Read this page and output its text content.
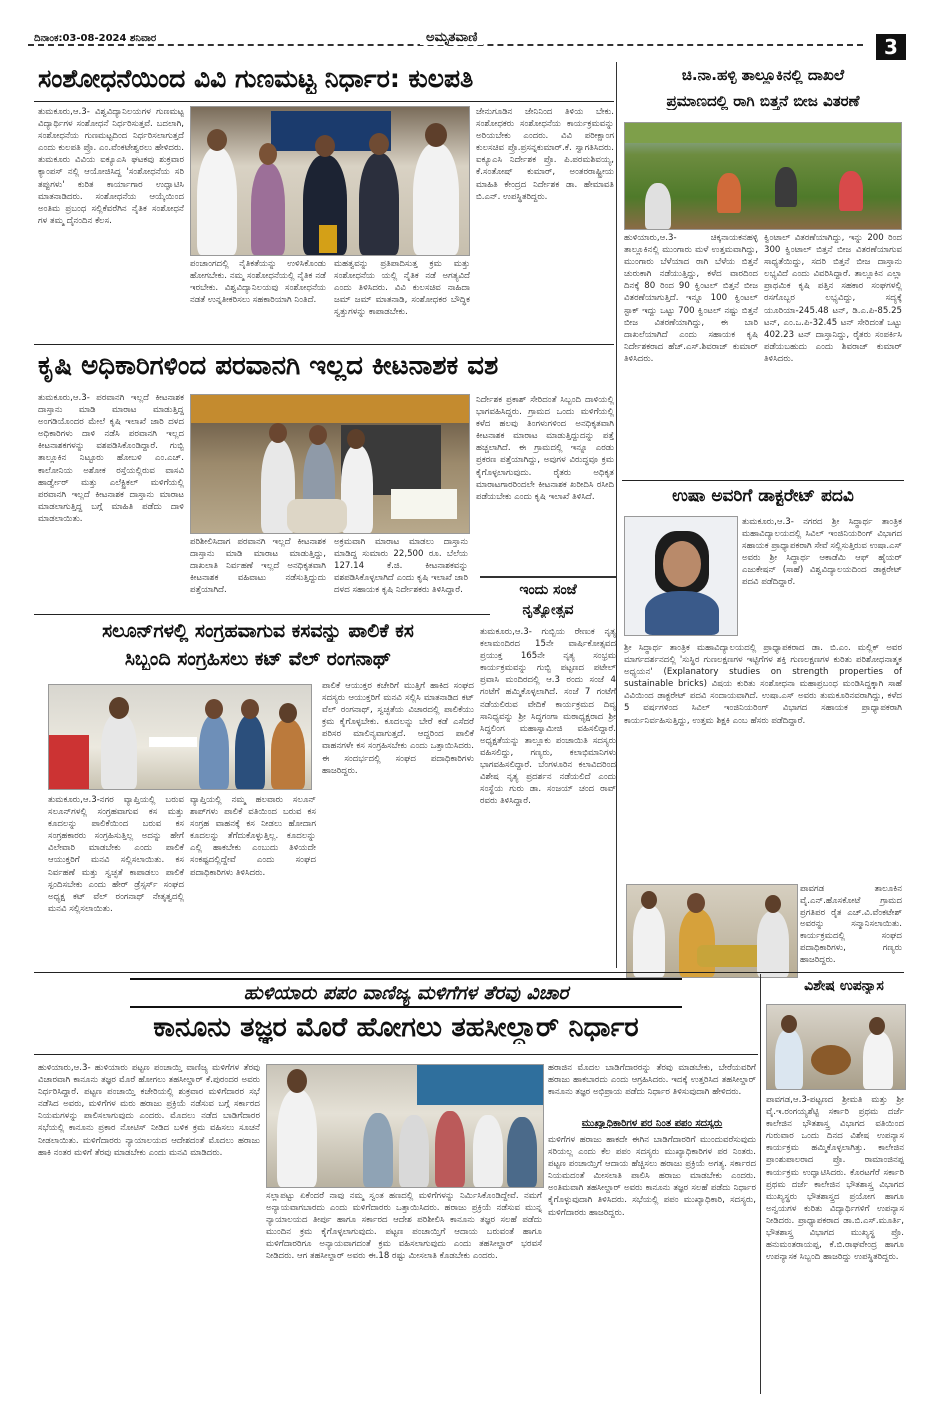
ದಿನಾಂಕ:03-08-2024 ಶನಿವಾರ	ಅಮೃತವಾಣಿ	3
ಸಂಶೋಧನೆಯಿಂದ ವಿವಿ ಗುಣಮಟ್ಟ ನಿರ್ಧಾರ: ಕುಲಪತಿ
ತುಮಕೂರು,ಆ.3- ವಿಶ್ವವಿದ್ಯಾನಿಲಯಗಳ ಗುಣಮಟ್ಟ ವಿದ್ಯಾರ್ಥಿಗಳ ಸಂಶೋಧನೆ ನಿರ್ಧರಿಸುತ್ತವೆ. ಬದಲಾಗಿ, ಸಂಶೋಧನೆಯ ಗುಣಮಟ್ಟದಿಂದ ನಿರ್ಧರಿಸಲಾಗುತ್ತದೆ ಎಂದು ಕುಲಪತಿ ಪ್ರೊ. ಎಂ.ವೆಂಕಟೇಶ್ವರಲು ಹೇಳಿದರು. ತುಮಕೂರು ವಿವಿಯ ಐಕ್ಯೂಎಸಿ ಘಟಕವು ಶುಕ್ರವಾರ ಕ್ಯಾಂಪಸ್ ನಲ್ಲಿ ಆಯೋಜಿಸಿದ್ದ 'ಸಂಶೋಧನೆಯ ಸರಿ ತಪ್ಪುಗಳು' ಕುರಿತ ಕಾರ್ಯಾಗಾರ ಉದ್ಘಾಟಿಸಿ ಮಾತನಾಡಿದರು. ಸಂಶೋಧನೆಯ ಆಯ್ಕೆಯಿಂದ ಅಂತಿಮ ಪ್ರಬಂಧ ಸಲ್ಲಿಕೆವರೆಗಿನ ನೈತಿಕ ಸಂಶೋಧನೆ ಗಳ ತಮ್ಮ ದೈನಂದಿನ ಕೆಲಸ.
ಪಂಚಾಂಗದಲ್ಲಿ ನೈತಿಕತೆಯನ್ನು ಉಳಿಸಿಕೊಂಡು ಹೋಗಬೇಕು. ನಮ್ಮ ಸಂಶೋಧನೆಯಲ್ಲಿ ನೈತಿಕ ನಡೆ ಇರಬೇಕು. ವಿಶ್ವವಿದ್ಯಾನಿಲಯವು ಸಂಶೋಧನೆಯ ನಡತೆ ಉನ್ನತೀಕರಿಸಲು ಸಹಕಾರಿಯಾಗಿ ನಿಂತಿದೆ.
ಮಹತ್ವವನ್ನು ಪ್ರತಿಪಾದಿಸುತ್ತ ಕ್ರಮ ಮತ್ತು ಸಂಶೋಧನೆಯ ಯಲ್ಲಿ ನೈತಿಕ ನಡೆ ಅಗತ್ಯವಿದೆ ಎಂದು ತಿಳಿಸಿದರು. ವಿವಿ ಕುಲಸಚಿವ ನಾಹಿದಾ ಜಮ್ ಜಮ್ ಮಾತನಾಡಿ, ಸಂಶೋಧಕರ ಬೌದ್ಧಿಕ ಸ್ವತ್ತುಗಳನ್ನು ಕಾಪಾಡಬೇಕು.
ಜೇನುಗೂಡಿನ ಜೇನಿನಿಂದ ತಿಳಿಯ ಬೇಕು. ಸಂಶೋಧಕರು ಸಂಶೋಧನೆಯ ಕಾರ್ಯಕ್ರಮವನ್ನು ಅರಿಯಬೇಕು ಎಂದರು. ವಿವಿ ಪರೀಕ್ಷಾಂಗ ಕುಲಸಚಿವ ಪ್ರೊ.ಪ್ರಸನ್ನಕುಮಾರ್.ಕೆ. ಸ್ವಾಗತಿಸಿದರು. ಐಕ್ಯೂಎಸಿ ನಿರ್ದೇಶಕ ಪ್ರೊ. ಪಿ.ಪರಮಶಿವಯ್ಯ, ಕೆ.ಸಂತೋಷ್ ಕುಮಾರ್, ಅಂತರರಾಷ್ಟ್ರೀಯ ಮಾಹಿತಿ ಕೇಂದ್ರದ ನಿರ್ದೇಶಕ ಡಾ. ಹೇಮಾವತಿ ಬಿ.ಎನ್. ಉಪಸ್ಥಿತರಿದ್ದರು.
ಕೃಷಿ ಅಧಿಕಾರಿಗಳಿಂದ ಪರವಾನಗಿ ಇಲ್ಲದ ಕೀಟನಾಶಕ ವಶ
ತುಮಕೂರು,ಆ.3- ಪರವಾನಗಿ ಇಲ್ಲದೆ ಕೀಟನಾಶಕ ದಾಸ್ತಾನು ಮಾಡಿ ಮಾರಾಟ ಮಾಡುತ್ತಿದ್ದ ಅಂಗಡಿಯೊಂದರ ಮೇಲೆ ಕೃಷಿ ಇಲಾಖೆ ಜಾರಿ ದಳದ ಅಧಿಕಾರಿಗಳು ದಾಳಿ ನಡೆಸಿ ಪರವಾನಗಿ ಇಲ್ಲದ ಕೀಟನಾಶಕಗಳನ್ನು ವಶಪಡಿಸಿಕೊಂಡಿದ್ದಾರೆ. ಗುಬ್ಬಿ ತಾಲ್ಲೂಕಿನ ನಿಟ್ಟೂರು ಹೋಬಳಿ ಎಂ.ಎಚ್. ಕಾಲೋನಿಯ ಅಶೋಕ ರಸ್ತೆಯಲ್ಲಿರುವ ವಾಸವಿ ಹಾರ್ಡ್ವೇರ್ ಮತ್ತು ಎಲೆಕ್ಟ್ರಿಕಲ್ ಮಳಿಗೆಯಲ್ಲಿ ಪರವಾನಗಿ ಇಲ್ಲದೆ ಕೀಟನಾಶಕ ದಾಸ್ತಾನು ಮಾರಾಟ ಮಾಡಲಾಗುತ್ತಿದ್ದ ಬಗ್ಗೆ ಮಾಹಿತಿ ಪಡೆದು ದಾಳಿ ಮಾಡಲಾಯಿತು.
ಪರಿಶೀಲಿಸಿದಾಗ ಪರವಾನಗಿ ಇಲ್ಲದೆ ಕೀಟನಾಶಕ ದಾಸ್ತಾನು ಮಾಡಿ ಮಾರಾಟ ಮಾಡುತ್ತಿದ್ದು, ದಾಖಲಾತಿ ನಿರ್ವಹಣೆ ಇಲ್ಲದೆ ಅನಧಿಕೃತವಾಗಿ ಕೀಟನಾಶಕ ವಹಿವಾಟು ನಡೆಸುತ್ತಿದ್ದುದು ಪತ್ತೆಯಾಗಿದೆ.
ಅಕ್ರಮವಾಗಿ ಮಾರಾಟ ಮಾಡಲು ದಾಸ್ತಾನು ಮಾಡಿದ್ದ ಸುಮಾರು 22,500 ರೂ. ಬೆಲೆಯ 127.14 ಕೆ.ಜಿ. ಕೀಟನಾಶಕವನ್ನು ವಶಪಡಿಸಿಕೊಳ್ಳಲಾಗಿದೆ ಎಂದು ಕೃಷಿ ಇಲಾಖೆ ಜಾರಿ ದಳದ ಸಹಾಯಕ ಕೃಷಿ ನಿರ್ದೇಶಕರು ತಿಳಿಸಿದ್ದಾರೆ.
ನಿರ್ದೇಶಕ ಪ್ರಕಾಶ್ ಸೇರಿದಂತೆ ಸಿಬ್ಬಂದಿ ದಾಳಿಯಲ್ಲಿ ಭಾಗವಹಿಸಿದ್ದರು. ಗ್ರಾಮದ ಒಂದು ಮಳಿಗೆಯಲ್ಲಿ ಕಳೆದ ಹಲವು ತಿಂಗಳುಗಳಿಂದ ಅನಧಿಕೃತವಾಗಿ ಕೀಟನಾಶಕ ಮಾರಾಟ ಮಾಡುತ್ತಿದ್ದುದನ್ನು ಪತ್ತೆ ಹಚ್ಚಲಾಗಿದೆ. ಈ ಗ್ರಾಮದಲ್ಲಿ ಇನ್ನೂ ಎರಡು ಪ್ರಕರಣ ಪತ್ತೆಯಾಗಿದ್ದು, ಅವುಗಳ ವಿರುದ್ಧವೂ ಕ್ರಮ ಕೈಗೊಳ್ಳಲಾಗುವುದು. ರೈತರು ಅಧಿಕೃತ ಮಾರಾಟಗಾರರಿಂದಲೇ ಕೀಟನಾಶಕ ಖರೀದಿಸಿ ರಸೀದಿ ಪಡೆಯಬೇಕು ಎಂದು ಕೃಷಿ ಇಲಾಖೆ ತಿಳಿಸಿದೆ.
ಇಂದು ಸಂಜೆ
ನೃತ್ಯೋತ್ಸವ
ತುಮಕೂರು,ಆ.3- ಗುಬ್ಬಿಯ ರೇಣುಕ ನೃತ್ಯ ಕಲಾಮಂದಿರದ 15ನೇ ವಾರ್ಷಿಕೋತ್ಸವದ ಪ್ರಯುಕ್ತ 165ನೇ ನೃತ್ಯ ಸಂಭ್ರಮ ಕಾರ್ಯಕ್ರಮವನ್ನು ಗುಬ್ಬಿ ಪಟ್ಟಣದ ಪಟೇಲ್ ಪ್ರವಾಸಿ ಮಂದಿರದಲ್ಲಿ ಆ.3 ರಂದು ಸಂಜೆ 4 ಗಂಟೆಗೆ ಹಮ್ಮಿಕೊಳ್ಳಲಾಗಿದೆ. ಸಂಜೆ 7 ಗಂಟೆಗೆ ನಡೆಯಲಿರುವ ವೇದಿಕೆ ಕಾರ್ಯಕ್ರಮದ ದಿವ್ಯ ಸಾನಿಧ್ಯವನ್ನು ಶ್ರೀ ಸಿದ್ಧಗಂಗಾ ಮಠಾಧ್ಯಕ್ಷರಾದ ಶ್ರೀ ಸಿದ್ಧಲಿಂಗ ಮಹಾಸ್ವಾಮೀಜಿ ವಹಿಸಲಿದ್ದಾರೆ. ಅಧ್ಯಕ್ಷತೆಯನ್ನು ತಾಲ್ಲೂಕು ಪಂಚಾಯಿತಿ ಸದಸ್ಯರು ವಹಿಸಲಿದ್ದು, ಗಣ್ಯರು, ಕಲಾಭಿಮಾನಿಗಳು ಭಾಗವಹಿಸಲಿದ್ದಾರೆ. ಬೆಂಗಳೂರಿನ ಕಲಾವಿದರಿಂದ ವಿಶೇಷ ನೃತ್ಯ ಪ್ರದರ್ಶನ ನಡೆಯಲಿದೆ ಎಂದು ಸಂಸ್ಥೆಯ ಗುರು ಡಾ. ಸಂಜಯ್ ಚಂದ ರಾವ್ ರವರು ತಿಳಿಸಿದ್ದಾರೆ.
ಸಲೂನ್‌ಗಳಲ್ಲಿ ಸಂಗ್ರಹವಾಗುವ ಕಸವನ್ನು ಪಾಲಿಕೆ ಕಸ
ಸಿಬ್ಬಂದಿ ಸಂಗ್ರಹಿಸಲು ಕಟ್ ವೆಲ್ ರಂಗನಾಥ್
ತುಮಕೂರು,ಆ.3-ನಗರ ವ್ಯಾಪ್ತಿಯಲ್ಲಿ ಬರುವ ಸಲೂನ್‌ಗಳಲ್ಲಿ ಸಂಗ್ರಹವಾಗುವ ಕಸ ಮತ್ತು ಕೂದಲನ್ನು ಪಾಲಿಕೆಯಿಂದ ಬರುವ ಕಸ ಸಂಗ್ರಹಕಾರರು ಸಂಗ್ರಹಿಸುತ್ತಿಲ್ಲ ಅದನ್ನು ಹೇಗೆ ವಿಲೇವಾರಿ ಮಾಡಬೇಕು ಎಂದು ಪಾಲಿಕೆ ಆಯುಕ್ತರಿಗೆ ಮನವಿ ಸಲ್ಲಿಸಲಾಯಿತು. ಕಸ ನಿರ್ವಹಣೆ ಮತ್ತು ಸ್ವಚ್ಛತೆ ಕಾಪಾಡಲು ಪಾಲಿಕೆ ಸ್ಪಂದಿಸಬೇಕು ಎಂದು ಹೇರ್ ಡ್ರೆಸ್ಸರ್ಸ್ ಸಂಘದ ಅಧ್ಯಕ್ಷ ಕಟ್ ವೆಲ್ ರಂಗನಾಥ್ ನೇತೃತ್ವದಲ್ಲಿ ಮನವಿ ಸಲ್ಲಿಸಲಾಯಿತು.
ವ್ಯಾಪ್ತಿಯಲ್ಲಿ ನಮ್ಮ ಹಲವಾರು ಸಲೂನ್ ಶಾಪ್‌ಗಳು ಪಾಲಿಕೆ ವತಿಯಿಂದ ಬರುವ ಕಸ ಸಂಗ್ರಹ ವಾಹನಕ್ಕೆ ಕಸ ನೀಡಲು ಹೋದಾಗ ಕೂದಲನ್ನು ತೆಗೆದುಕೊಳ್ಳುತ್ತಿಲ್ಲ. ಕೂದಲನ್ನು ಎಲ್ಲಿ ಹಾಕಬೇಕು ಎಂಬುದು ತಿಳಿಯದೇ ಸಂಕಷ್ಟದಲ್ಲಿದ್ದೇವೆ ಎಂದು ಸಂಘದ ಪದಾಧಿಕಾರಿಗಳು ತಿಳಿಸಿದರು.
ಪಾಲಿಕೆ ಆಯುಕ್ತರ ಕಚೇರಿಗೆ ಮುತ್ತಿಗೆ ಹಾಕಿದ ಸಂಘದ ಸದಸ್ಯರು ಆಯುಕ್ತರಿಗೆ ಮನವಿ ಸಲ್ಲಿಸಿ ಮಾತನಾಡಿದ ಕಟ್ ವೆಲ್ ರಂಗನಾಥ್, ಸ್ವಚ್ಛತೆಯ ವಿಚಾರದಲ್ಲಿ ಪಾಲಿಕೆಯು ಕ್ರಮ ಕೈಗೊಳ್ಳಬೇಕು. ಕೂದಲನ್ನು ಬೇರೆ ಕಡೆ ಎಸೆದರೆ ಪರಿಸರ ಮಾಲಿನ್ಯವಾಗುತ್ತದೆ. ಆದ್ದರಿಂದ ಪಾಲಿಕೆ ವಾಹನಗಳೇ ಕಸ ಸಂಗ್ರಹಿಸಬೇಕು ಎಂದು ಒತ್ತಾಯಿಸಿದರು. ಈ ಸಂದರ್ಭದಲ್ಲಿ ಸಂಘದ ಪದಾಧಿಕಾರಿಗಳು ಹಾಜರಿದ್ದರು.
ಚಿ.ನಾ.ಹಳ್ಳಿ ತಾಲ್ಲೂಕಿನಲ್ಲಿ ದಾಖಲೆ
ಪ್ರಮಾಣದಲ್ಲಿ ರಾಗಿ ಬಿತ್ತನೆ ಬೀಜ ವಿತರಣೆ
ಹುಳಿಯಾರು,ಆ.3- ಚಿಕ್ಕನಾಯಕನಹಳ್ಳಿ ತಾಲ್ಲೂಕಿನಲ್ಲಿ ಮುಂಗಾರು ಮಳೆ ಉತ್ತಮವಾಗಿದ್ದು, ಮುಂಗಾರು ಬೆಳೆಯಾದ ರಾಗಿ ಬೆಳೆಯ ಬಿತ್ತನೆ ಚುರುಕಾಗಿ ನಡೆಯುತ್ತಿದ್ದು, ಕಳೆದ ವಾರದಿಂದ ದಿನಕ್ಕೆ 80 ರಿಂದ 90 ಕ್ವಿಂಟಲ್ ಬಿತ್ತನೆ ಬೀಜ ವಿತರಣೆಯಾಗುತ್ತಿದೆ. ಇನ್ನೂ 100 ಕ್ವಿಂಟಲ್ ಸ್ಟಾಕ್ ಇದ್ದು ಒಟ್ಟು 700 ಕ್ವಿಂಟಲ್ ನಷ್ಟು ಬಿತ್ತನೆ ಬೀಜ ವಿತರಣೆಯಾಗಿದ್ದು, ಈ ಬಾರಿ ದಾಖಲೆಯಾಗಿದೆ ಎಂದು ಸಹಾಯಕ ಕೃಷಿ ನಿರ್ದೇಶಕರಾದ ಹೆಚ್.ಎಸ್.ಶಿವರಾಜ್ ಕುಮಾರ್ ತಿಳಿಸಿದರು.
ಕ್ವಿಂಟಾಲ್ ವಿತರಣೆಯಾಗಿದ್ದು, ಇನ್ನು 200 ರಿಂದ 300 ಕ್ವಿಂಟಾಲ್ ಬಿತ್ತನೆ ಬೀಜ ವಿತರಣೆಯಾಗುವ ಸಾಧ್ಯತೆಯಿದ್ದು, ಸದರಿ ಬಿತ್ತನೆ ಬೀಜ ದಾಸ್ತಾನು ಲಭ್ಯವಿದೆ ಎಂದು ವಿವರಿಸಿದ್ದಾರೆ. ತಾಲ್ಲೂಕಿನ ಎಲ್ಲಾ ಪ್ರಾಥಮಿಕ ಕೃಷಿ ಪತ್ತಿನ ಸಹಕಾರ ಸಂಘಗಳಲ್ಲಿ ರಸಗೊಬ್ಬರ ಲಭ್ಯವಿದ್ದು, ಸದ್ಯಕ್ಕೆ ಯೂರಿಯಾ-245.48 ಟನ್, ಡಿ.ಎ.ಪಿ-85.25 ಟನ್, ಎಂ.ಒ.ಪಿ-32.45 ಟನ್ ಸೇರಿದಂತೆ ಒಟ್ಟು 402.23 ಟನ್ ದಾಸ್ತಾನಿದ್ದು, ರೈತರು ಸಂಪರ್ಕಿಸಿ ಪಡೆಯಬಹುದು ಎಂದು ಶಿವರಾಜ್ ಕುಮಾರ್ ತಿಳಿಸಿದರು.
ಉಷಾ ಅವರಿಗೆ ಡಾಕ್ಟರೇಟ್ ಪದವಿ
ತುಮಕೂರು,ಆ.3- ನಗರದ ಶ್ರೀ ಸಿದ್ಧಾರ್ಥ ತಾಂತ್ರಿಕ ಮಹಾವಿದ್ಯಾಲಯದಲ್ಲಿ ಸಿವಿಲ್ ಇಂಜಿನಿಯರಿಂಗ್ ವಿಭಾಗದ ಸಹಾಯಕ ಪ್ರಾಧ್ಯಾಪಕರಾಗಿ ಸೇವೆ ಸಲ್ಲಿಸುತ್ತಿರುವ ಉಷಾ.ಎಸ್ ಅವರು ಶ್ರೀ ಸಿದ್ಧಾರ್ಥ ಆಕಾಡೆಮಿ ಆಫ್ ಹೈಯರ್ ಎಜುಕೇಷನ್ (ಸಾಹೆ) ವಿಶ್ವವಿದ್ಯಾಲಯದಿಂದ ಡಾಕ್ಟರೇಟ್ ಪದವಿ ಪಡೆದಿದ್ದಾರೆ.
ಶ್ರೀ ಸಿದ್ಧಾರ್ಥ ತಾಂತ್ರಿಕ ಮಹಾವಿದ್ಯಾಲಯದಲ್ಲಿ ಪ್ರಾಧ್ಯಾಪಕರಾದ ಡಾ. ಬಿ.ಎಂ. ಮಲ್ಲಿಕ್ ಅವರ ಮಾರ್ಗದರ್ಶನದಲ್ಲಿ 'ಸುಸ್ಥಿರ ಗುಣಲಕ್ಷಣಗಳ ಇಟ್ಟಿಗೆಗಳ ಶಕ್ತಿ ಗುಣಲಕ್ಷಣಗಳ ಕುರಿತು ಪರಿಶೋಧನಾತ್ಮಕ ಅಧ್ಯಯನ' (Explanatory studies on strength properties of sustainable bricks) ವಿಷಯ ಕುರಿತು ಸಂಶೋಧನಾ ಮಹಾಪ್ರಬಂಧ ಮಂಡಿಸಿದ್ದಕ್ಕಾಗಿ ಸಾಹೆ ವಿವಿಯಿಂದ ಡಾಕ್ಟರೇಟ್ ಪದವಿ ಸಂದಾಯವಾಗಿದೆ. ಉಷಾ.ಎಸ್ ಅವರು ತುಮಕೂರಿನವರಾಗಿದ್ದು, ಕಳೆದ 5 ವರ್ಷಗಳಿಂದ ಸಿವಿಲ್ ಇಂಜಿನಿಯರಿಂಗ್ ವಿಭಾಗದ ಸಹಾಯಕ ಪ್ರಾಧ್ಯಾಪಕರಾಗಿ ಕಾರ್ಯನಿರ್ವಹಿಸುತ್ತಿದ್ದು, ಉತ್ತಮ ಶಿಕ್ಷಕಿ ಎಂಬ ಹೆಸರು ಪಡೆದಿದ್ದಾರೆ.
ಪಾವಗಡ ತಾಲೂಕಿನ ವೈ.ಎನ್.ಹೊಸಕೋಟೆ ಗ್ರಾಮದ ಪ್ರಗತಿಪರ ರೈತ ಎಚ್.ವಿ.ವೆಂಕಟೇಶ್ ಅವರನ್ನು ಸನ್ಮಾನಿಸಲಾಯಿತು. ಕಾರ್ಯಕ್ರಮದಲ್ಲಿ ಸಂಘದ ಪದಾಧಿಕಾರಿಗಳು, ಗಣ್ಯರು ಹಾಜರಿದ್ದರು.
ಹುಳಿಯಾರು ಪಪಂ ವಾಣಿಜ್ಯ ಮಳಿಗೆಗಳ ತೆರವು ವಿಚಾರ	ವಿಶೇಷ ಉಪನ್ಯಾಸ
ಕಾನೂನು ತಜ್ಞರ ಮೊರೆ ಹೋಗಲು ತಹಸೀಲ್ದಾರ್ ನಿರ್ಧಾರ
ಹುಳಿಯಾರು,ಆ.3- ಹುಳಿಯಾರು ಪಟ್ಟಣ ಪಂಚಾಯ್ತಿ ವಾಣಿಜ್ಯ ಮಳಿಗೆಗಳ ತೆರವು ವಿಚಾರವಾಗಿ ಕಾನೂನು ತಜ್ಞರ ಮೊರೆ ಹೋಗಲು ತಹಸೀಲ್ದಾರ್ ಕೆ.ಪುರಂದರ ಅವರು ನಿರ್ಧರಿಸಿದ್ದಾರೆ. ಪಟ್ಟಣ ಪಂಚಾಯ್ತಿ ಕಚೇರಿಯಲ್ಲಿ ಶುಕ್ರವಾರ ಮಳಿಗೆದಾರರ ಸಭೆ ನಡೆಸಿದ ಅವರು, ಮಳಿಗೆಗಳ ಮರು ಹರಾಜು ಪ್ರಕ್ರಿಯೆ ನಡೆಸುವ ಬಗ್ಗೆ ಸರ್ಕಾರದ ನಿಯಮಗಳನ್ನು ಪಾಲಿಸಲಾಗುವುದು ಎಂದರು. ಮೊದಲು ನಡೆದ ಬಾಡಿಗೆದಾರರ ಸಭೆಯಲ್ಲಿ ಕಾನೂನು ಪ್ರಕಾರ ನೋಟಿಸ್ ನೀಡಿದ ಬಳಿಕ ಕ್ರಮ ವಹಿಸಲು ಸೂಚನೆ ನೀಡಲಾಯಿತು. ಮಳಿಗೆದಾರರು ನ್ಯಾಯಾಲಯದ ಆದೇಶದಂತೆ ಮೊದಲು ಹರಾಜು ಹಾಕಿ ನಂತರ ಮಳಿಗೆ ತೆರವು ಮಾಡಬೇಕು ಎಂದು ಮನವಿ ಮಾಡಿದರು.
ಸಲ್ಲಾಪಟ್ಟು ಏಕೆಂದರೆ ನಾವು ನಮ್ಮ ಸ್ವಂತ ಹಣದಲ್ಲಿ ಮಳಿಗೆಗಳನ್ನು ನಿರ್ಮಿಸಿಕೊಂಡಿದ್ದೇವೆ. ನಮಗೆ ಅನ್ಯಾಯವಾಗಬಾರದು ಎಂದು ಮಳಿಗೆದಾರರು ಒತ್ತಾಯಿಸಿದರು. ಹರಾಜು ಪ್ರಕ್ರಿಯೆ ನಡೆಸುವ ಮುನ್ನ ನ್ಯಾಯಾಲಯದ ತೀರ್ಪು ಹಾಗೂ ಸರ್ಕಾರದ ಆದೇಶ ಪರಿಶೀಲಿಸಿ ಕಾನೂನು ತಜ್ಞರ ಸಲಹೆ ಪಡೆದು ಮುಂದಿನ ಕ್ರಮ ಕೈಗೊಳ್ಳಲಾಗುವುದು. ಪಟ್ಟಣ ಪಂಚಾಯ್ತಿಗೆ ಆದಾಯ ಬರುವಂತೆ ಹಾಗೂ ಮಳಿಗೆದಾರರಿಗೂ ಅನ್ಯಾಯವಾಗದಂತೆ ಕ್ರಮ ವಹಿಸಲಾಗುವುದು ಎಂದು ತಹಸೀಲ್ದಾರ್ ಭರವಸೆ ನೀಡಿದರು. ಆಗ ತಹಸೀಲ್ದಾರ್ ಅವರು ಈ.18 ರಷ್ಟು ಮೀಸಲಾತಿ ಕೊಡಬೇಕು ಎಂದರು.
ಹರಾಜಿನ ಮೊದಲ ಬಾಡಿಗೆದಾರರನ್ನು ತೆರವು ಮಾಡಬೇಕು, ಬೇರೆಯವರಿಗೆ ಹರಾಜು ಹಾಕಬಾರದು ಎಂದು ಆಗ್ರಹಿಸಿದರು. ಇದಕ್ಕೆ ಉತ್ತರಿಸಿದ ತಹಸೀಲ್ದಾರ್ ಕಾನೂನು ತಜ್ಞರ ಅಭಿಪ್ರಾಯ ಪಡೆದು ನಿರ್ಧಾರ ತಿಳಿಸುವುದಾಗಿ ಹೇಳಿದರು.
ಮುಖ್ಯಾಧಿಕಾರಿಗಳ ಪರ ನಿಂತ ಪಪಂ ಸದಸ್ಯರು
ಮಳಿಗೆಗಳ ಹರಾಜು ಹಾಕದೇ ಈಗಿನ ಬಾಡಿಗೆದಾರರಿಗೆ ಮುಂದುವರೆಸುವುದು ಸರಿಯಲ್ಲ ಎಂದು ಕೆಲ ಪಪಂ ಸದಸ್ಯರು ಮುಖ್ಯಾಧಿಕಾರಿಗಳ ಪರ ನಿಂತರು. ಪಟ್ಟಣ ಪಂಚಾಯ್ತಿಗೆ ಆದಾಯ ಹೆಚ್ಚಿಸಲು ಹರಾಜು ಪ್ರಕ್ರಿಯೆ ಅಗತ್ಯ. ಸರ್ಕಾರದ ನಿಯಮದಂತೆ ಮೀಸಲಾತಿ ಪಾಲಿಸಿ ಹರಾಜು ಮಾಡಬೇಕು ಎಂದರು. ಅಂತಿಮವಾಗಿ ತಹಸೀಲ್ದಾರ್ ಅವರು ಕಾನೂನು ತಜ್ಞರ ಸಲಹೆ ಪಡೆದು ನಿರ್ಧಾರ ಕೈಗೊಳ್ಳುವುದಾಗಿ ತಿಳಿಸಿದರು. ಸಭೆಯಲ್ಲಿ ಪಪಂ ಮುಖ್ಯಾಧಿಕಾರಿ, ಸದಸ್ಯರು, ಮಳಿಗೆದಾರರು ಹಾಜರಿದ್ದರು.
ಪಾವಗಡ,ಆ.3-ಪಟ್ಟಣದ ಶ್ರೀಮತಿ ಮತ್ತು ಶ್ರೀ ವೈ.ಇ.ರಂಗಯ್ಯಶೆಟ್ಟಿ ಸರ್ಕಾರಿ ಪ್ರಥಮ ದರ್ಜೆ ಕಾಲೇಜಿನ ಭೌತಶಾಸ್ತ್ರ ವಿಭಾಗದ ವತಿಯಿಂದ ಗುರುವಾರ ಒಂದು ದಿನದ ವಿಶೇಷ ಉಪನ್ಯಾಸ ಕಾರ್ಯಕ್ರಮ ಹಮ್ಮಿಕೊಳ್ಳಲಾಗಿತ್ತು. ಕಾಲೇಜಿನ ಪ್ರಾಂಶುಪಾಲರಾದ ಪ್ರೊ. ರಾಮಾಂಜಿನಪ್ಪ ಕಾರ್ಯಕ್ರಮ ಉದ್ಘಾಟಿಸಿದರು. ಕೊರಟಗೆರೆ ಸರ್ಕಾರಿ ಪ್ರಥಮ ದರ್ಜೆ ಕಾಲೇಜಿನ ಭೌತಶಾಸ್ತ್ರ ವಿಭಾಗದ ಮುಖ್ಯಸ್ಥರು ಭೌತಶಾಸ್ತ್ರದ ಪ್ರಯೋಗ ಹಾಗೂ ಅನ್ವಯಗಳ ಕುರಿತು ವಿದ್ಯಾರ್ಥಿಗಳಿಗೆ ಉಪನ್ಯಾಸ ನೀಡಿದರು. ಪ್ರಾಧ್ಯಾಪಕರಾದ ಡಾ.ಬಿ.ಎಸ್.ಮೂರ್ತಿ, ಭೌತಶಾಸ್ತ್ರ ವಿಭಾಗದ ಮುಖ್ಯಸ್ಥ ಪ್ರೊ. ಹನುಮಂತರಾಯಪ್ಪ, ಕೆ.ಬಿ.ರಾಘವೇಂದ್ರ ಹಾಗೂ ಉಪನ್ಯಾಸಕ ಸಿಬ್ಬಂದಿ ಹಾಜರಿದ್ದು ಉಪಸ್ಥಿತರಿದ್ದರು.
